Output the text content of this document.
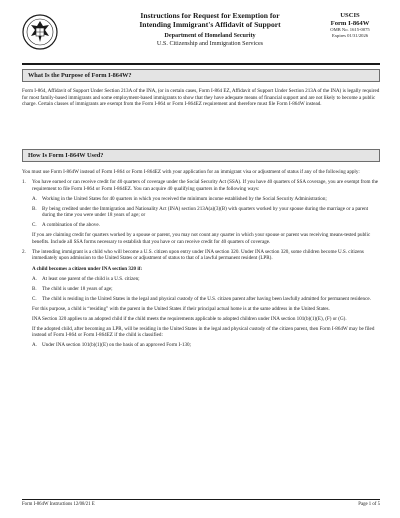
Instructions for Request for Exemption for
Intending Immigrant's Affidavit of Support
Department of Homeland Security
U.S. Citizenship and Immigration Services
USCIS
Form I-864W
OMB No. 1615-0075
Expires 01/31/2026
What Is the Purpose of Form I-864W?

Form I-864, Affidavit of Support Under Section 213A of the INA, (or in certain cases, Form I-864 EZ, Affidavit of Support Under Section 213A of the INA) is legally required for most family-based immigrants and some employment-based immigrants to show that they have adequate means of financial support and are not likely to become a public charge. Certain classes of immigrants are exempt from the Form I-864 or Form I-864EZ requirement and therefore must file Form I-864W instead.

How Is Form I-864W Used?

You must use Form I-864W instead of Form I-864 or Form I-864EZ with your application for an immigrant visa or adjustment of status if any of the following apply:

1. You have earned or can receive credit for 40 quarters of coverage under the Social Security Act (SSA). If you have 40 quarters of SSA coverage, you are exempt from the requirement to file Form I-864 or Form I-864EZ. You can acquire 40 qualifying quarters in the following ways:

A. Working in the United States for 40 quarters in which you received the minimum income established by the Social Security Administration;

B. By being credited under the Immigration and Nationality Act (INA) section 213A(a)(3)(B) with quarters worked by your spouse during the marriage or a parent during the time you were under 18 years of age; or

C. A combination of the above.

If you are claiming credit for quarters worked by a spouse or parent, you may not count any quarter in which your spouse or parent was receiving means-tested public benefits. Include all SSA forms necessary to establish that you have or can receive credit for 40 quarters of coverage.

2. The intending immigrant is a child who will become a U.S. citizen upon entry under INA section 320. Under INA section 320, some children become U.S. citizens immediately upon admission to the United States or adjustment of status to that of a lawful permanent resident (LPR).

A child becomes a citizen under INA section 320 if:

A. At least one parent of the child is a U.S. citizen;

B. The child is under 18 years of age;

C. The child is residing in the United States in the legal and physical custody of the U.S. citizen parent after having been lawfully admitted for permanent residence.

For this purpose, a child is “residing” with the parent in the United States if their principal actual home is at the same address in the United States.

INA Section 320 applies to an adopted child if the child meets the requirements applicable to adopted children under INA section 101(b)(1)(E), (F) or (G).

If the adopted child, after becoming an LPR, will be residing in the United States in the legal and physical custody of the citizen parent, then Form I-864W may be filed instead of Form I-864 or Form I-864EZ if the child is classified:

A. Under INA section 101(b)(1)(E) on the basis of an approved Form I-130;

Form I-864W Instructions 12/08/21 E	Page 1 of 5
